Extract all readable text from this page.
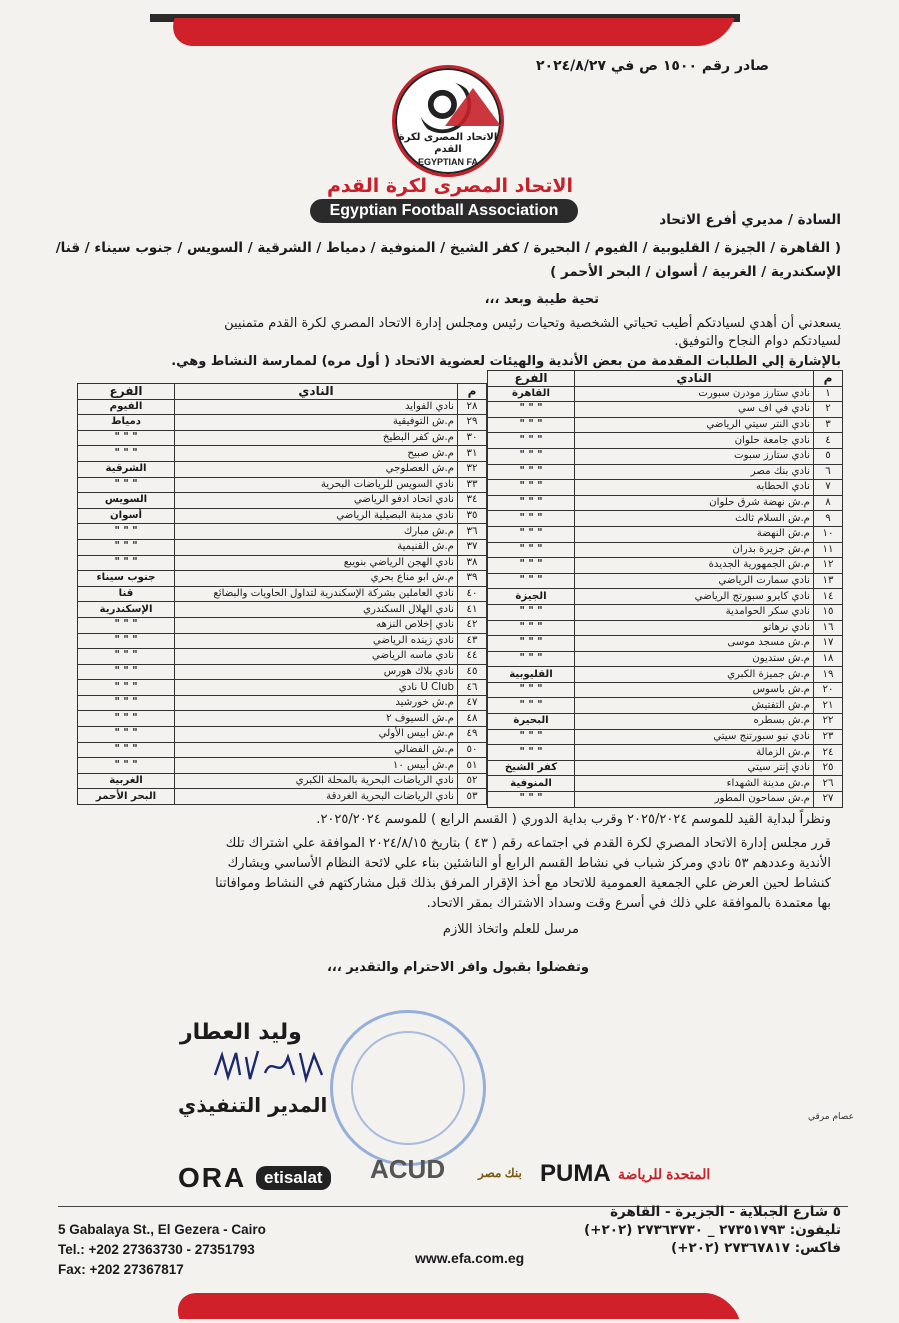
صادر رقم ١٥٠٠ ص في ٢٠٢٤/٨/٢٧
الاتحاد المصرى لكرة القدم
EGYPTIAN FA
الاتحاد المصرى لكرة القدم
Egyptian Football Association
السادة / مديري أفرع الاتحاد
( القاهرة / الجيزة / القليوبية / الفيوم / البحيرة / كفر الشيخ / المنوفية / دمياط / الشرقية / السويس / جنوب سيناء / قنا/
الإسكندرية / الغربية / أسوان / البحر الأحمر )
تحية طيبة وبعد ،،،
يسعدني أن أهدي لسيادتكم أطيب تحياتي الشخصية وتحيات رئيس ومجلس إدارة الاتحاد المصري لكرة القدم متمنيين
لسيادتكم دوام النجاح والتوفيق.
بالإشارة إلي الطلبات المقدمة من بعض الأندية والهيئات لعضوية الاتحاد ( أول مره) لممارسة النشاط وهي.
م	النادي	الفرع
١	نادي ستارز مودرن سبورت	القاهرة
٢	نادي في اف سي	" " "
٣	نادي النتر سيتي الرياضي	" " "
٤	نادي جامعة حلوان	" " "
٥	نادي ستارز سبوت	" " "
٦	نادي بنك مصر	" " "
٧	نادي الحطابه	" " "
٨	م.ش نهضة شرق حلوان	" " "
٩	م.ش السلام ثالث	" " "
١٠	م.ش النهضة	" " "
١١	م.ش جزيرة بدران	" " "
١٢	م.ش الجمهورية الجديدة	" " "
١٣	نادي سمارت الرياضي	" " "
١٤	نادي كايرو سبورتج الرياضي	الجيزة
١٥	نادي سكر الحوامدية	" " "
١٦	نادي نرهاتو	" " "
١٧	م.ش مسجد موسى	" " "
١٨	م.ش ستديون	" " "
١٩	م.ش جميزة الكبري	القليوبية
٢٠	م.ش باسوس	" " "
٢١	م.ش التفتيش	" " "
٢٢	م.ش بسطره	البحيرة
٢٣	نادي نيو سبورتنج سيتي	" " "
٢٤	م.ش الزمالة	" " "
٢٥	نادي إنتر سيتي	كفر الشيخ
٢٦	م.ش مدينة الشهداء	المنوفية
٢٧	م.ش سماحون المطور	" " "
م	النادي	الفرع
٢٨	نادي الفوايد	الفيوم
٢٩	م.ش التوفيقية	دمياط
٣٠	م.ش كفر البطيخ	" " "
٣١	م.ش صبيح	" " "
٣٢	م.ش العصلوجي	الشرقية
٣٣	نادي السويس للرياضات البحرية	" " "
٣٤	نادي اتحاد ادفو الرياضي	السويس
٣٥	نادي مدينة البصيلية الرياضي	أسوان
٣٦	م.ش مبارك	" " "
٣٧	م.ش القنيمية	" " "
٣٨	نادي الهجن الرياضي بنويبع	" " "
٣٩	م.ش ابو مناع بحري	جنوب سيناء
٤٠	نادي العاملين بشركة الإسكندرية لتداول الحاويات والبضائع	قنا
٤١	نادي الهلال السكندري	الإسكندرية
٤٢	نادي إخلاص النزهه	" " "
٤٣	نادي زينده الرياضي	" " "
٤٤	نادي ماسه الرياضي	" " "
٤٥	نادي بلاك هورس	" " "
٤٦	U Club نادي	" " "
٤٧	م.ش خورشيد	" " "
٤٨	م.ش السيوف ٢	" " "
٤٩	م.ش ابيس الأولي	" " "
٥٠	م.ش الفضالي	" " "
٥١	م.ش أبيس ١٠	" " "
٥٢	نادي الرياضات البحرية بالمحلة الكبري	الغربية
٥٣	نادي الرياضات البحرية الغردقة	البحر الأحمر
ونظراً لبداية القيد للموسم ٢٠٢٥/٢٠٢٤ وقرب بداية الدوري ( القسم الرابع ) للموسم ٢٠٢٥/٢٠٢٤.
قرر مجلس إدارة الاتحاد المصري لكرة القدم في اجتماعه رقم ( ٤٣ ) بتاريخ ٢٠٢٤/٨/١٥ الموافقة علي اشتراك تلك
الأندية وعددهم ٥٣ نادي ومركز شباب في نشاط القسم الرابع أو الناشئين بناء علي لائحة النظام الأساسي ويشارك
كنشاط لحين العرض علي الجمعية العمومية للاتحاد مع أخذ الإقرار المرفق بذلك قبل مشاركتهم في النشاط وموافاتنا
بها معتمدة بالموافقة علي ذلك في أسرع وقت وسداد الاشتراك بمقر الاتحاد.
مرسل للعلم واتخاذ اللازم
وتفضلوا بقبول وافر الاحترام والتقدير ،،،
وليد العطار
المدير التنفيذي	عصام مرقي
ORA	etisalat	ACUD	بنك مصر PUMA المتحدة للرياضة
5 Gabalaya St., El Gezera - Cairo
Tel.: +202 27363730 - 27351793
Fax: +202 27367817
www.efa.com.eg
٥ شارع الجبلاية - الجزيرة - القاهرة
تليفون: ٢٧٣٥١٧٩٣ _ ٢٧٣٦٣٧٣٠ (٢٠٢+)
فاكس: ٢٧٣٦٧٨١٧ (٢٠٢+)
